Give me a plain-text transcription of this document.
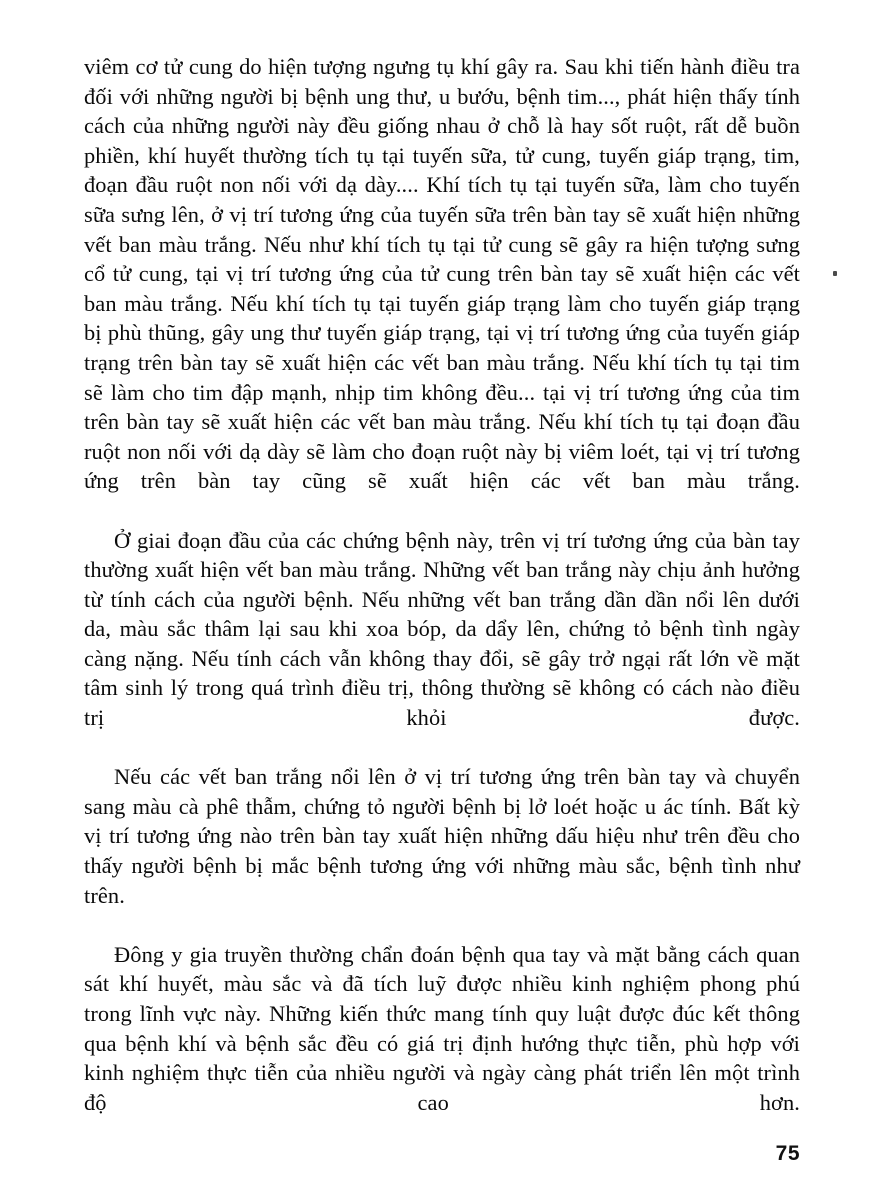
viêm cơ tử cung do hiện tượng ngưng tụ khí gây ra. Sau khi tiến hành điều tra đối với những người bị bệnh ung thư, u bướu, bệnh tim..., phát hiện thấy tính cách của những người này đều giống nhau ở chỗ là hay sốt ruột, rất dễ buồn phiền, khí huyết thường tích tụ tại tuyến sữa, tử cung, tuyến giáp trạng, tim, đoạn đầu ruột non nối với dạ dày.... Khí tích tụ tại tuyến sữa, làm cho tuyến sữa sưng lên, ở vị trí tương ứng của tuyến sữa trên bàn tay sẽ xuất hiện những vết ban màu trắng. Nếu như khí tích tụ tại tử cung sẽ gây ra hiện tượng sưng cổ tử cung, tại vị trí tương ứng của tử cung trên bàn tay sẽ xuất hiện các vết ban màu trắng. Nếu khí tích tụ tại tuyến giáp trạng làm cho tuyến giáp trạng bị phù thũng, gây ung thư tuyến giáp trạng, tại vị trí tương ứng của tuyến giáp trạng trên bàn tay sẽ xuất hiện các vết ban màu trắng. Nếu khí tích tụ tại tim sẽ làm cho tim đập mạnh, nhịp tim không đều... tại vị trí tương ứng của tim trên bàn tay sẽ xuất hiện các vết ban màu trắng. Nếu khí tích tụ tại đoạn đầu ruột non nối với dạ dày sẽ làm cho đoạn ruột này bị viêm loét, tại vị trí tương ứng trên bàn tay cũng sẽ xuất hiện các vết ban màu trắng.

Ở giai đoạn đầu của các chứng bệnh này, trên vị trí tương ứng của bàn tay thường xuất hiện vết ban màu trắng. Những vết ban trắng này chịu ảnh hưởng từ tính cách của người bệnh. Nếu những vết ban trắng dần dần nổi lên dưới da, màu sắc thâm lại sau khi xoa bóp, da dẩy lên, chứng tỏ bệnh tình ngày càng nặng. Nếu tính cách vẫn không thay đổi, sẽ gây trở ngại rất lớn về mặt tâm sinh lý trong quá trình điều trị, thông thường sẽ không có cách nào điều trị khỏi được.

Nếu các vết ban trắng nổi lên ở vị trí tương ứng trên bàn tay và chuyển sang màu cà phê thẫm, chứng tỏ người bệnh bị lở loét hoặc u ác tính. Bất kỳ vị trí tương ứng nào trên bàn tay xuất hiện những dấu hiệu như trên đều cho thấy người bệnh bị mắc bệnh tương ứng với những màu sắc, bệnh tình như trên.

Đông y gia truyền thường chẩn đoán bệnh qua tay và mặt bằng cách quan sát khí huyết, màu sắc và đã tích luỹ được nhiều kinh nghiệm phong phú trong lĩnh vực này. Những kiến thức mang tính quy luật được đúc kết thông qua bệnh khí và bệnh sắc đều có giá trị định hướng thực tiễn, phù hợp với kinh nghiệm thực tiễn của nhiều người và ngày càng phát triển lên một trình độ cao hơn.

75
